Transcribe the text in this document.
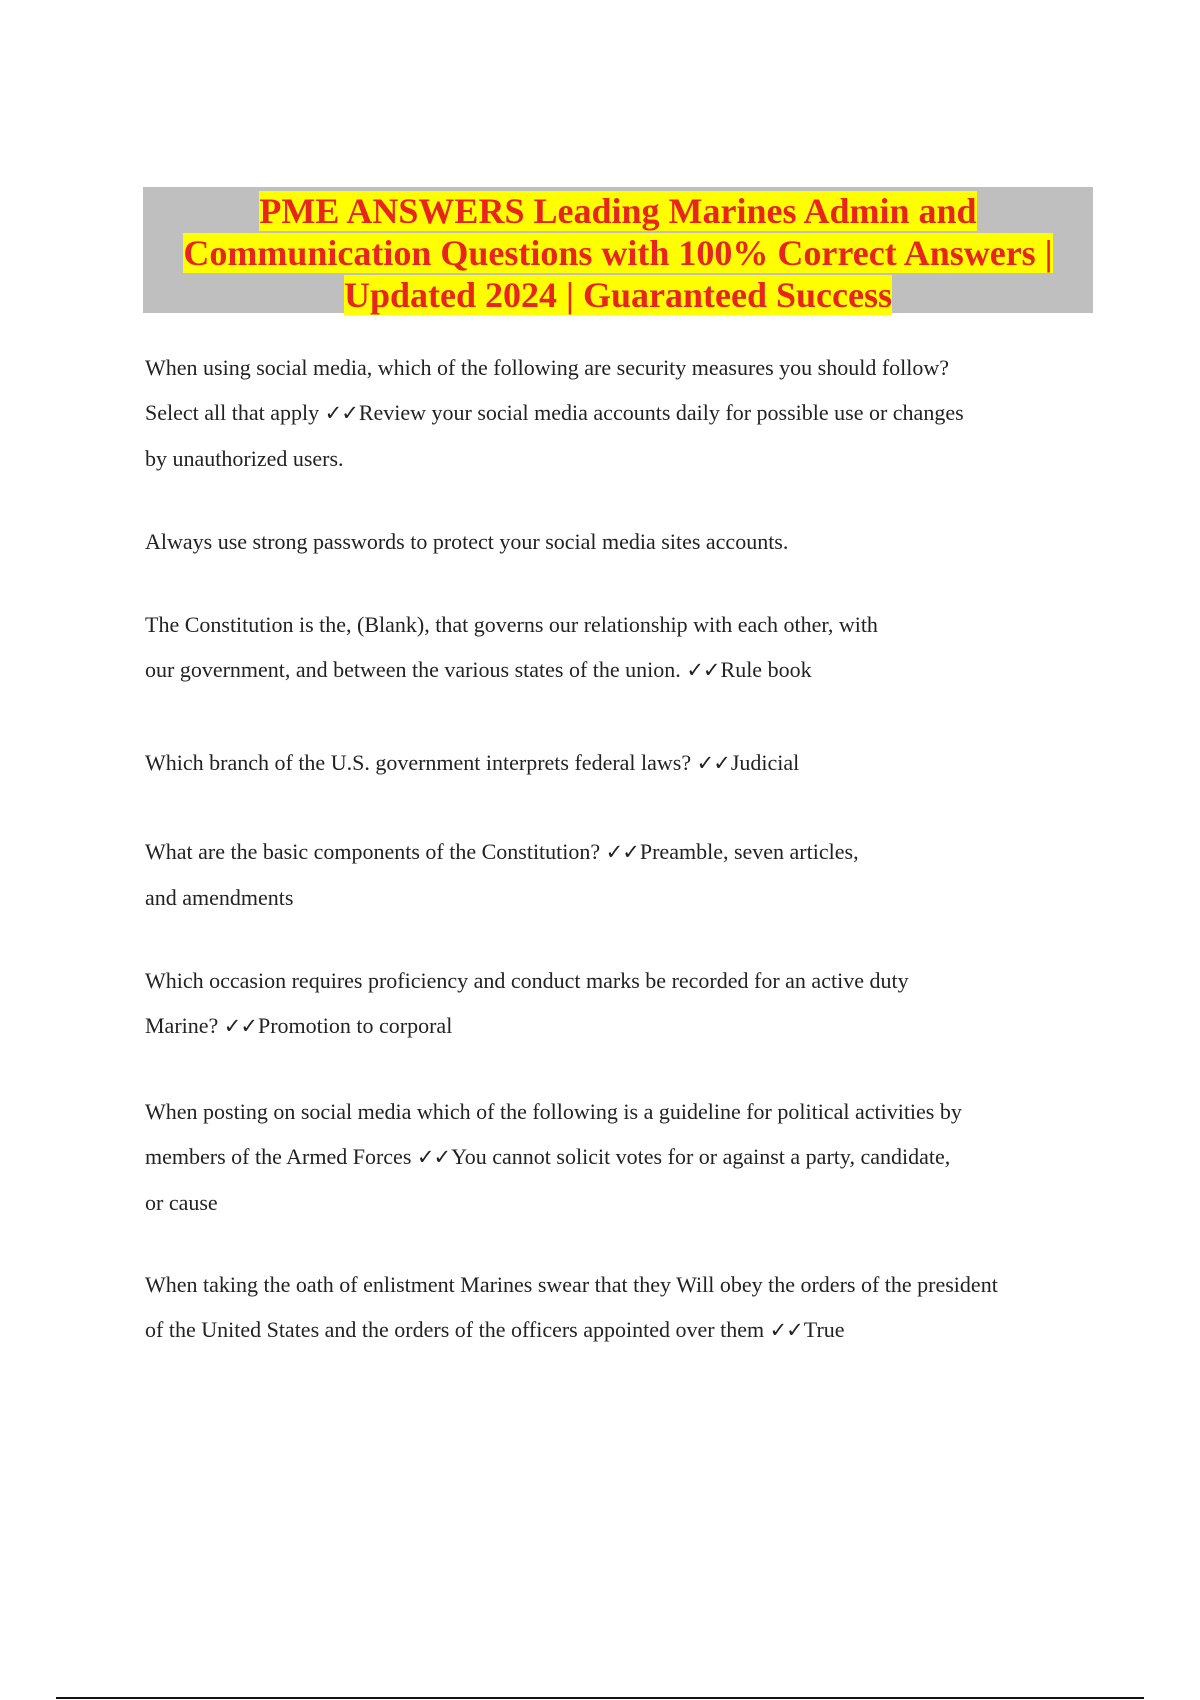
PME ANSWERS Leading Marines Admin and
Communication Questions with 100% Correct Answers |
Updated 2024 | Guaranteed Success
When using social media, which of the following are security measures you should follow?
Select all that apply ✓✓Review your social media accounts daily for possible use or changes
by unauthorized users.
Always use strong passwords to protect your social media sites accounts.
The Constitution is the, (Blank), that governs our relationship with each other, with
our government, and between the various states of the union. ✓✓Rule book
Which branch of the U.S. government interprets federal laws? ✓✓Judicial
What are the basic components of the Constitution? ✓✓Preamble, seven articles,
and amendments
Which occasion requires proficiency and conduct marks be recorded for an active duty
Marine? ✓✓Promotion to corporal
When posting on social media which of the following is a guideline for political activities by
members of the Armed Forces ✓✓You cannot solicit votes for or against a party, candidate,
or cause
When taking the oath of enlistment Marines swear that they Will obey the orders of the president
of the United States and the orders of the officers appointed over them ✓✓True
